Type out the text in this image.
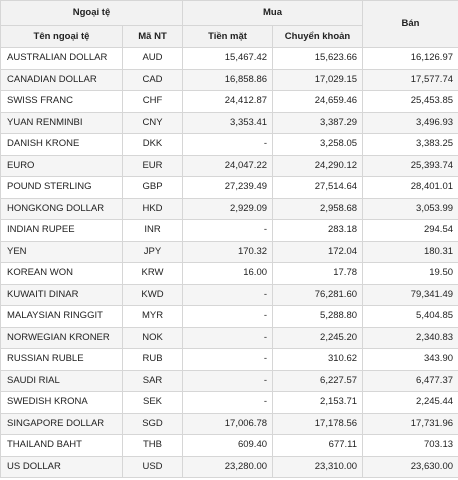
Ngoại tệ		Mua		Bán
Tên ngoại tệ	Mã NT	Tiền mặt	Chuyển khoản	
AUSTRALIAN DOLLAR	AUD	15,467.42	15,623.66	16,126.97
CANADIAN DOLLAR	CAD	16,858.86	17,029.15	17,577.74
SWISS FRANC	CHF	24,412.87	24,659.46	25,453.85
YUAN RENMINBI	CNY	3,353.41	3,387.29	3,496.93
DANISH KRONE	DKK	-	3,258.05	3,383.25
EURO	EUR	24,047.22	24,290.12	25,393.74
POUND STERLING	GBP	27,239.49	27,514.64	28,401.01
HONGKONG DOLLAR	HKD	2,929.09	2,958.68	3,053.99
INDIAN RUPEE	INR	-	283.18	294.54
YEN	JPY	170.32	172.04	180.31
KOREAN WON	KRW	16.00	17.78	19.50
KUWAITI DINAR	KWD	-	76,281.60	79,341.49
MALAYSIAN RINGGIT	MYR	-	5,288.80	5,404.85
NORWEGIAN KRONER	NOK	-	2,245.20	2,340.83
RUSSIAN RUBLE	RUB	-	310.62	343.90
SAUDI RIAL	SAR	-	6,227.57	6,477.37
SWEDISH KRONA	SEK	-	2,153.71	2,245.44
SINGAPORE DOLLAR	SGD	17,006.78	17,178.56	17,731.96
THAILAND BAHT	THB	609.40	677.11	703.13
US DOLLAR	USD	23,280.00	23,310.00	23,630.00
